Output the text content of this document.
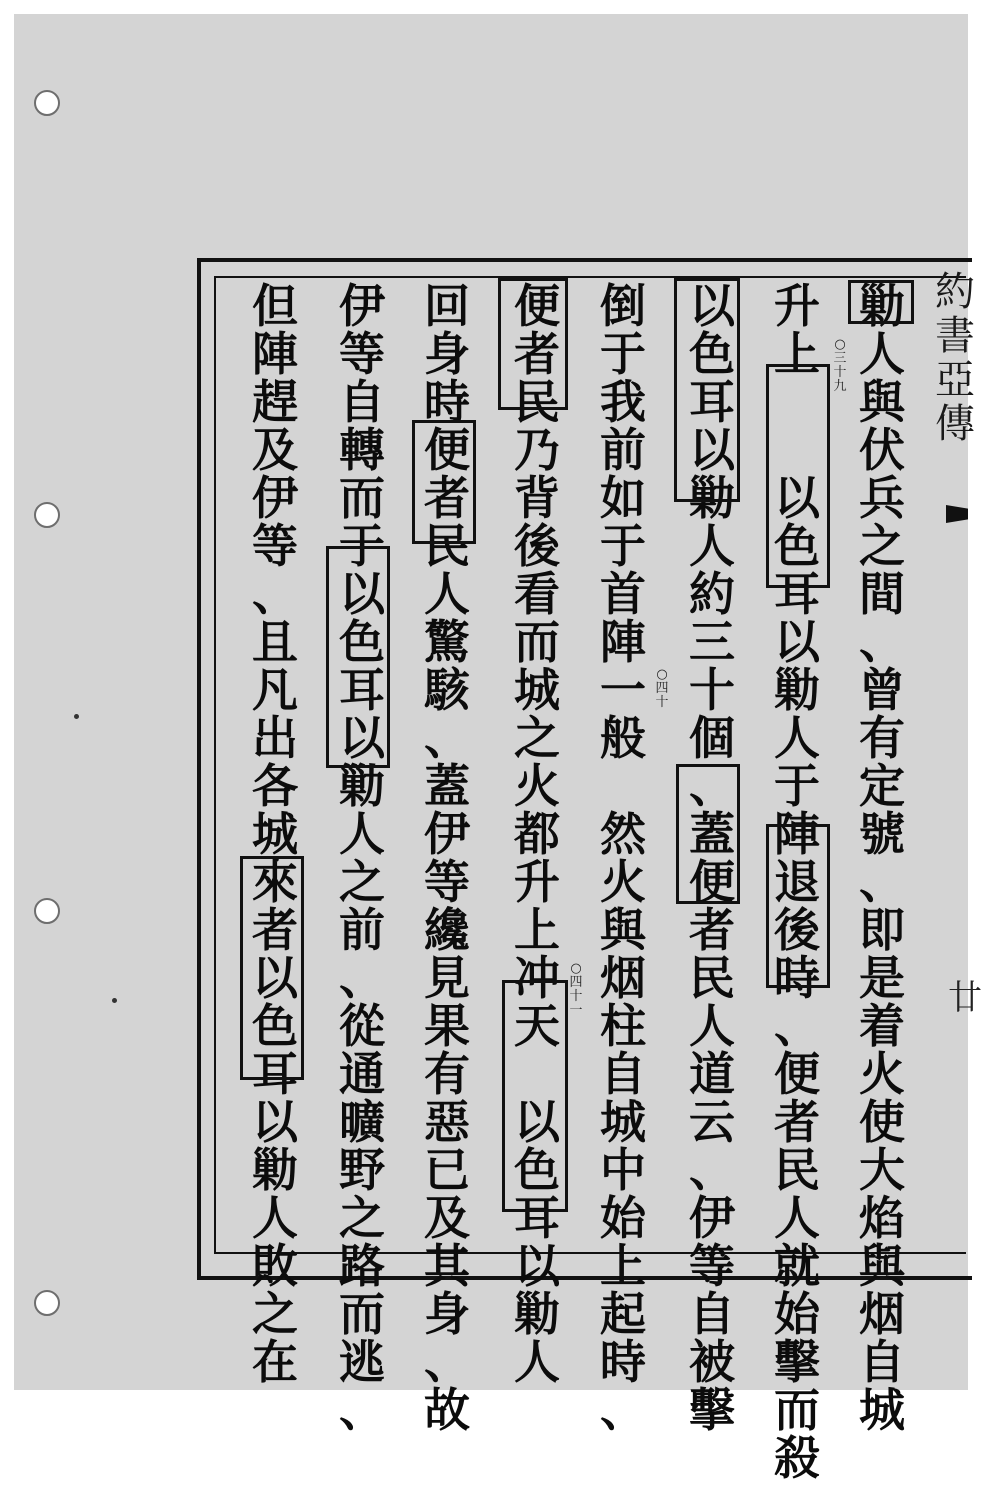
約
書
亞
傳
廿
勦
人
與
伏
兵
之
間
、
曾
有
定
號
、
即
是
着
火
使
大
焰
與
烟
自
城
升
上
以
色
耳
以
勦
人
于
陣
退
後
時
、
便
者
民
人
就
始
擊
而
殺
以
色
耳
以
勦
人
約
三
十
個
、
蓋
便
者
民
人
道
云
、
伊
等
自
被
擊
倒
于
我
前
如
于
首
陣
一
般
然
火
與
烟
柱
自
城
中
始
上
起
時
、
便
者
民
乃
背
後
看
而
城
之
火
都
升
上
冲
天
以
色
耳
以
勦
人
回
身
時
便
者
民
人
驚
駭
、
蓋
伊
等
纔
見
果
有
惡
已
及
其
身
、
故
伊
等
自
轉
而
于
以
色
耳
以
勦
人
之
前
、
從
通
曠
野
之
路
而
逃
、
但
陣
趕
及
伊
等
、
且
凡
出
各
城
來
者
以
色
耳
以
勦
人
敗
之
在
○三十九
○四十
○四十一
